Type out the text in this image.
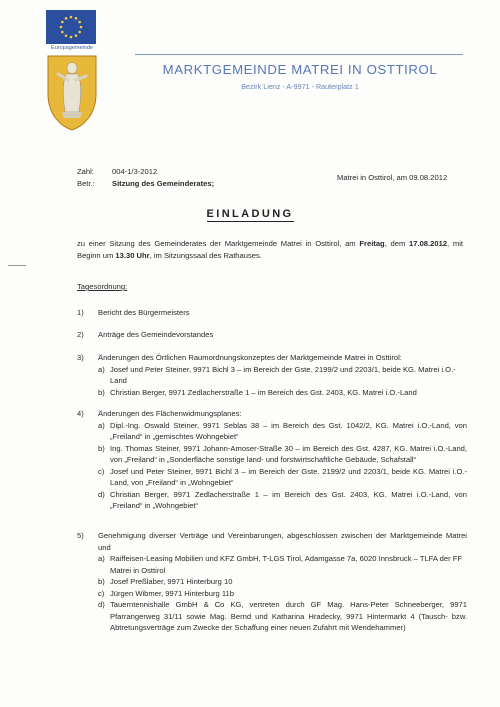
Europagemeinde
MARKTGEMEINDE MATREI IN OSTTIROL
Bezirk Lienz - A-9971 - Rauterplatz 1
Zahl: 004-1/3-2012
Betr.: Sitzung des Gemeinderates;
Matrei in Osttirol, am 09.08.2012
EINLADUNG
zu einer Sitzung des Gemeinderates der Marktgemeinde Matrei in Osttirol, am Freitag, dem 17.08.2012, mit Beginn um 13.30 Uhr, im Sitzungssaal des Rathauses.
Tagesordnung:
1) Bericht des Bürgermeisters
2) Anträge des Gemeindevorstandes
3) Änderungen des Örtlichen Raumordnungskonzeptes der Marktgemeinde Matrei in Osttirol:
a) Josef und Peter Steiner, 9971 Bichl 3 – im Bereich der Gste. 2199/2 und 2203/1, beide KG. Matrei i.O.-Land
b) Christian Berger, 9971 Zedlacherstraße 1 – im Bereich des Gst. 2403, KG. Matrei i.O.-Land
4) Änderungen des Flächenwidmungsplanes:
a) Dipl.-Ing. Oswald Steiner, 9971 Seblas 38 – im Bereich des Gst. 1042/2, KG. Matrei i.O.-Land, von „Freiland“ in „gemischtes Wohngebiet“
b) Ing. Thomas Steiner, 9971 Johann-Amoser-Straße 30 – im Bereich des Gst. 4287, KG. Matrei i.O.-Land, von „Freiland“ in „Sonderfläche sonstige land- und forstwirtschaftliche Gebäude, Schafstall“
c) Josef und Peter Steiner, 9971 Bichl 3 – im Bereich der Gste. 2199/2 und 2203/1, beide KG. Matrei i.O.-Land, von „Freiland“ in „Wohngebiet“
d) Christian Berger, 9971 Zedlacherstraße 1 – im Bereich des Gst. 2403, KG. Matrei i.O.-Land, von „Freiland“ in „Wohngebiet“
5) Genehmigung diverser Verträge und Vereinbarungen, abgeschlossen zwischen der Marktgemeinde Matrei und
a) Raiffeisen-Leasing Mobilien und KFZ GmbH, T-LGS Tirol, Adamgasse 7a, 6020 Innsbruck – TLFA der FF Matrei in Osttirol
b) Josef Preßlaber, 9971 Hinterburg 10
c) Jürgen Wibmer, 9971 Hinterburg 11b
d) Tauerntennishalle GmbH & Co KG, vertreten durch GF Mag. Hans-Peter Schneeberger, 9971 Pfarrangerweg 31/11 sowie Mag. Bernd und Katharina Hradecky, 9971 Hintermarkt 4 (Tausch- bzw. Abtretungsverträge zum Zwecke der Schaffung einer neuen Zufahrt mit Wendehammer)
